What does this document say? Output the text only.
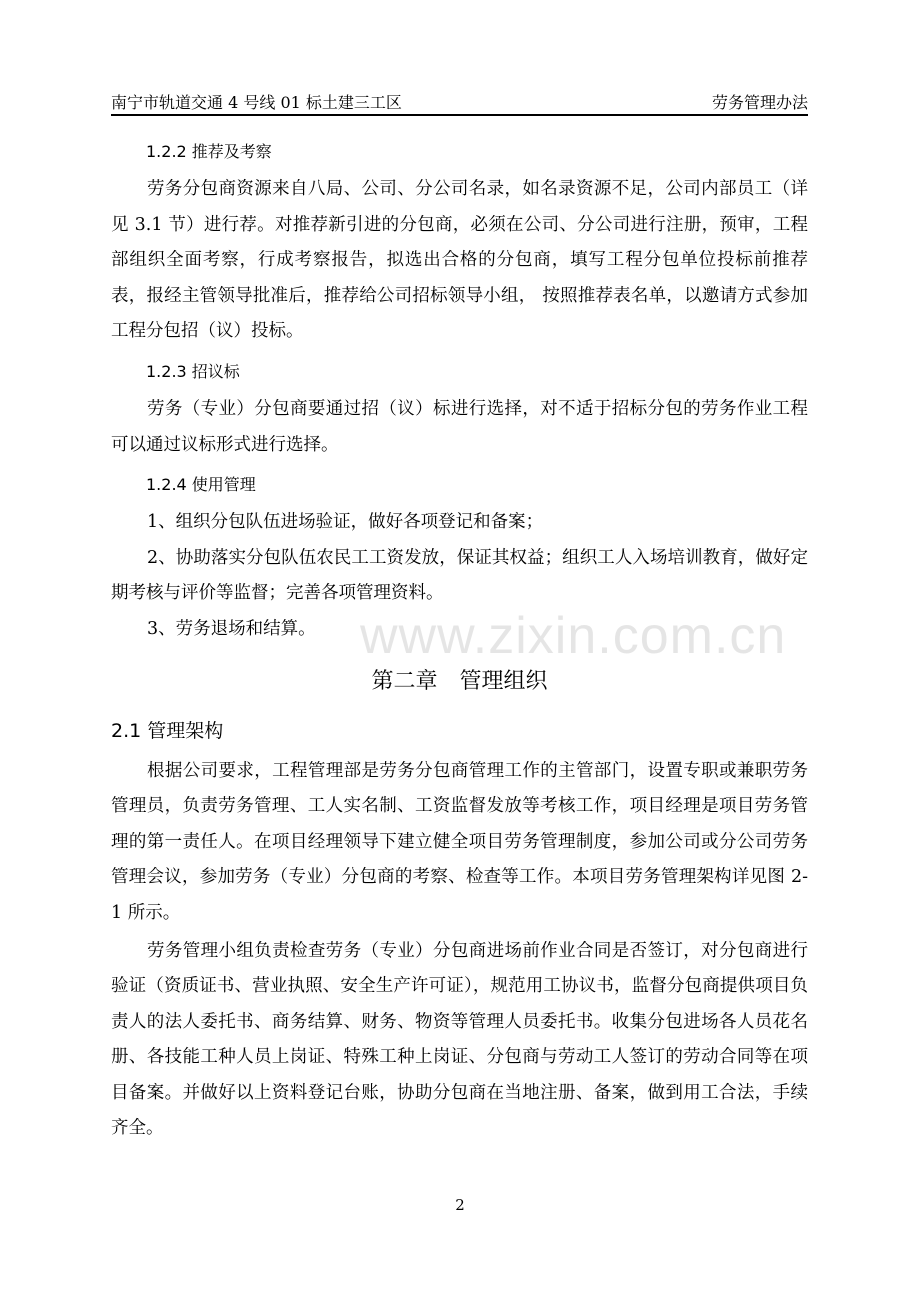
南宁市轨道交通 4 号线 01 标土建三工区	劳务管理办法

1.2.2 推荐及考察

劳务分包商资源来自八局、公司、分公司名录，如名录资源不足，公司内部员工（详见 3.1 节）进行荐。对推荐新引进的分包商，必须在公司、分公司进行注册，预审，工程部组织全面考察，行成考察报告，拟选出合格的分包商，填写工程分包单位投标前推荐表，报经主管领导批准后，推荐给公司招标领导小组， 按照推荐表名单，以邀请方式参加工程分包招（议）投标。

1.2.3 招议标

劳务（专业）分包商要通过招（议）标进行选择，对不适于招标分包的劳务作业工程可以通过议标形式进行选择。

1.2.4 使用管理

1、组织分包队伍进场验证，做好各项登记和备案；

2、协助落实分包队伍农民工工资发放，保证其权益；组织工人入场培训教育，做好定期考核与评价等监督；完善各项管理资料。

3、劳务退场和结算。

第二章　管理组织

2.1 管理架构

根据公司要求，工程管理部是劳务分包商管理工作的主管部门，设置专职或兼职劳务管理员，负责劳务管理、工人实名制、工资监督发放等考核工作，项目经理是项目劳务管理的第一责任人。在项目经理领导下建立健全项目劳务管理制度，参加公司或分公司劳务管理会议，参加劳务（专业）分包商的考察、检查等工作。本项目劳务管理架构详见图 2-1 所示。

劳务管理小组负责检查劳务（专业）分包商进场前作业合同是否签订，对分包商进行验证（资质证书、营业执照、安全生产许可证），规范用工协议书，监督分包商提供项目负责人的法人委托书、商务结算、财务、物资等管理人员委托书。收集分包进场各人员花名册、各技能工种人员上岗证、特殊工种上岗证、分包商与劳动工人签订的劳动合同等在项目备案。并做好以上资料登记台账，协助分包商在当地注册、备案，做到用工合法，手续齐全。

www.zixin.com.cn
2
